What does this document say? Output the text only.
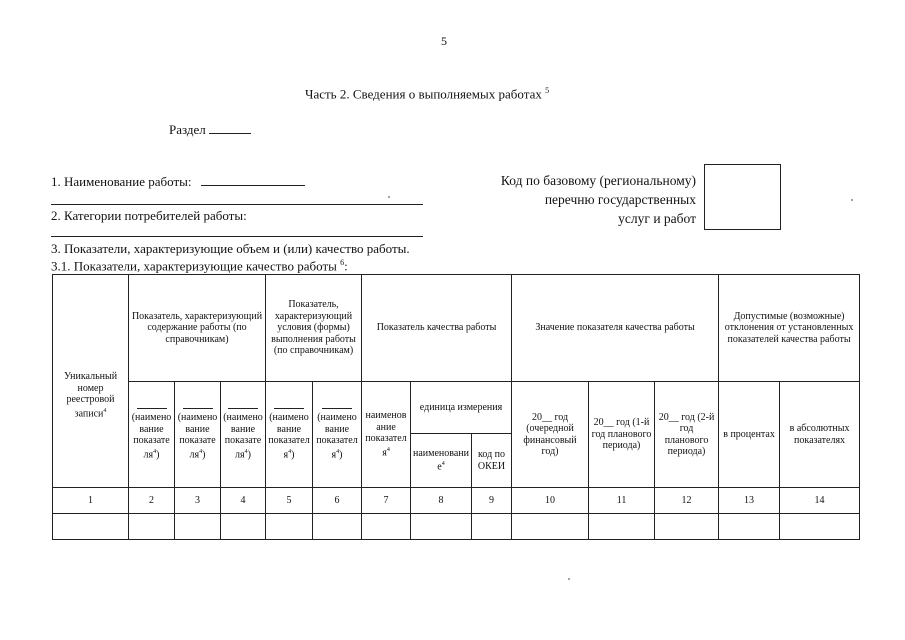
5
Часть 2. Сведения о выполняемых работах $^5$
Раздел
1. Наименование работы:
2. Категории потребителей работы:
Код по базовому (региональному)
перечню государственных
услуг и работ
3. Показатели, характеризующие объем и (или) качество работы.
3.1. Показатели, характеризующие качество работы $^6$:
Уникальный номер реестровой записи$^4$	Показатель, характеризующий содержание работы (по справочникам)			Показатель, характеризующий условия (формы) выполнения работы (по справочникам)		Показатель качества работы			Значение показателя качества работы			Допустимые (возможные) отклонения от установленных показателей качества работы	

(наименование показателя$^4$)	(наименование показателя$^4$)	(наименование показателя$^4$)	(наименование показателя$^4$)	(наименование показателя$^4$)	наименование показателя$^4$	единица измерения		20__ год (очередной финансовый год)	20__ год (1-й год планового периода)	20__ год (2-й год планового периода)	в процентах	в абсолютных показателях
							наименование$^4$	код по ОКЕИ					
1	2	3	4	5	6	7	8	9	10	11	12	13	14
